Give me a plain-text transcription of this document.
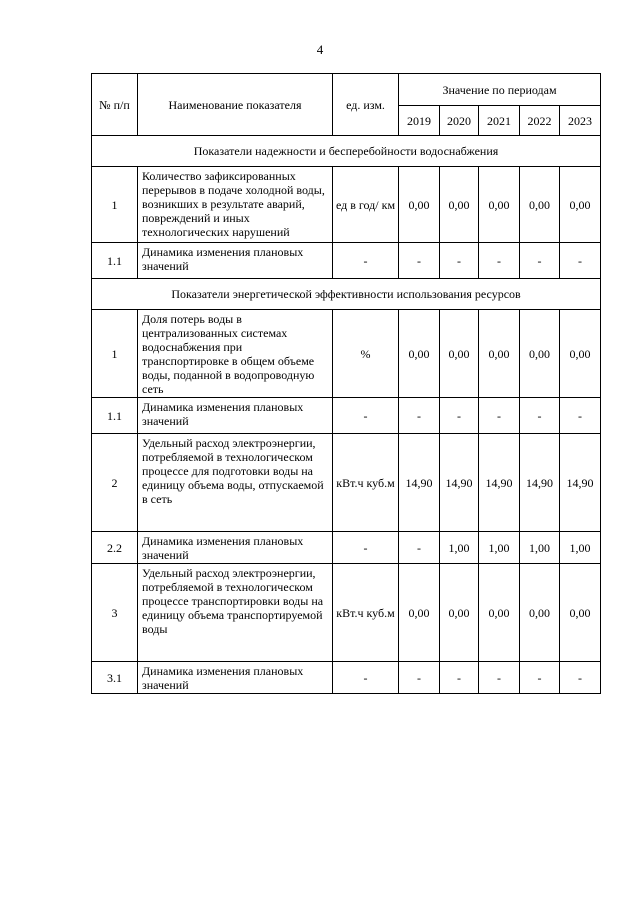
4
№ п/п	Наименование показателя	ед. изм.	Значение по периодам				
			2019	2020	2021	2022	2023
Показатели надежности и бесперебойности водоснабжения							
1	Количество зафиксированных перерывов в подаче холодной воды, возникших в результате аварий, повреждений и иных технологических нарушений	ед в год/ км	0,00	0,00	0,00	0,00	0,00
1.1	Динамика изменения плановых значений	-	-	-	-	-	-
Показатели энергетической эффективности использования ресурсов							
1	Доля потерь воды в централизованных системах водоснабжения при транспортировке в общем объеме воды, поданной в водопроводную сеть	%	0,00	0,00	0,00	0,00	0,00
1.1	Динамика изменения плановых значений	-	-	-	-	-	-
2	Удельный расход электроэнергии, потребляемой в технологическом процессе для подготовки воды на единицу объема воды, отпускаемой в сеть	кВт.ч куб.м	14,90	14,90	14,90	14,90	14,90
2.2	Динамика изменения плановых значений	-	-	1,00	1,00	1,00	1,00
3	Удельный расход электроэнергии, потребляемой в технологическом процессе транспортировки воды на единицу объема транспортируемой воды	кВт.ч куб.м	0,00	0,00	0,00	0,00	0,00
3.1	Динамика изменения плановых значений	-	-	-	-	-	-
